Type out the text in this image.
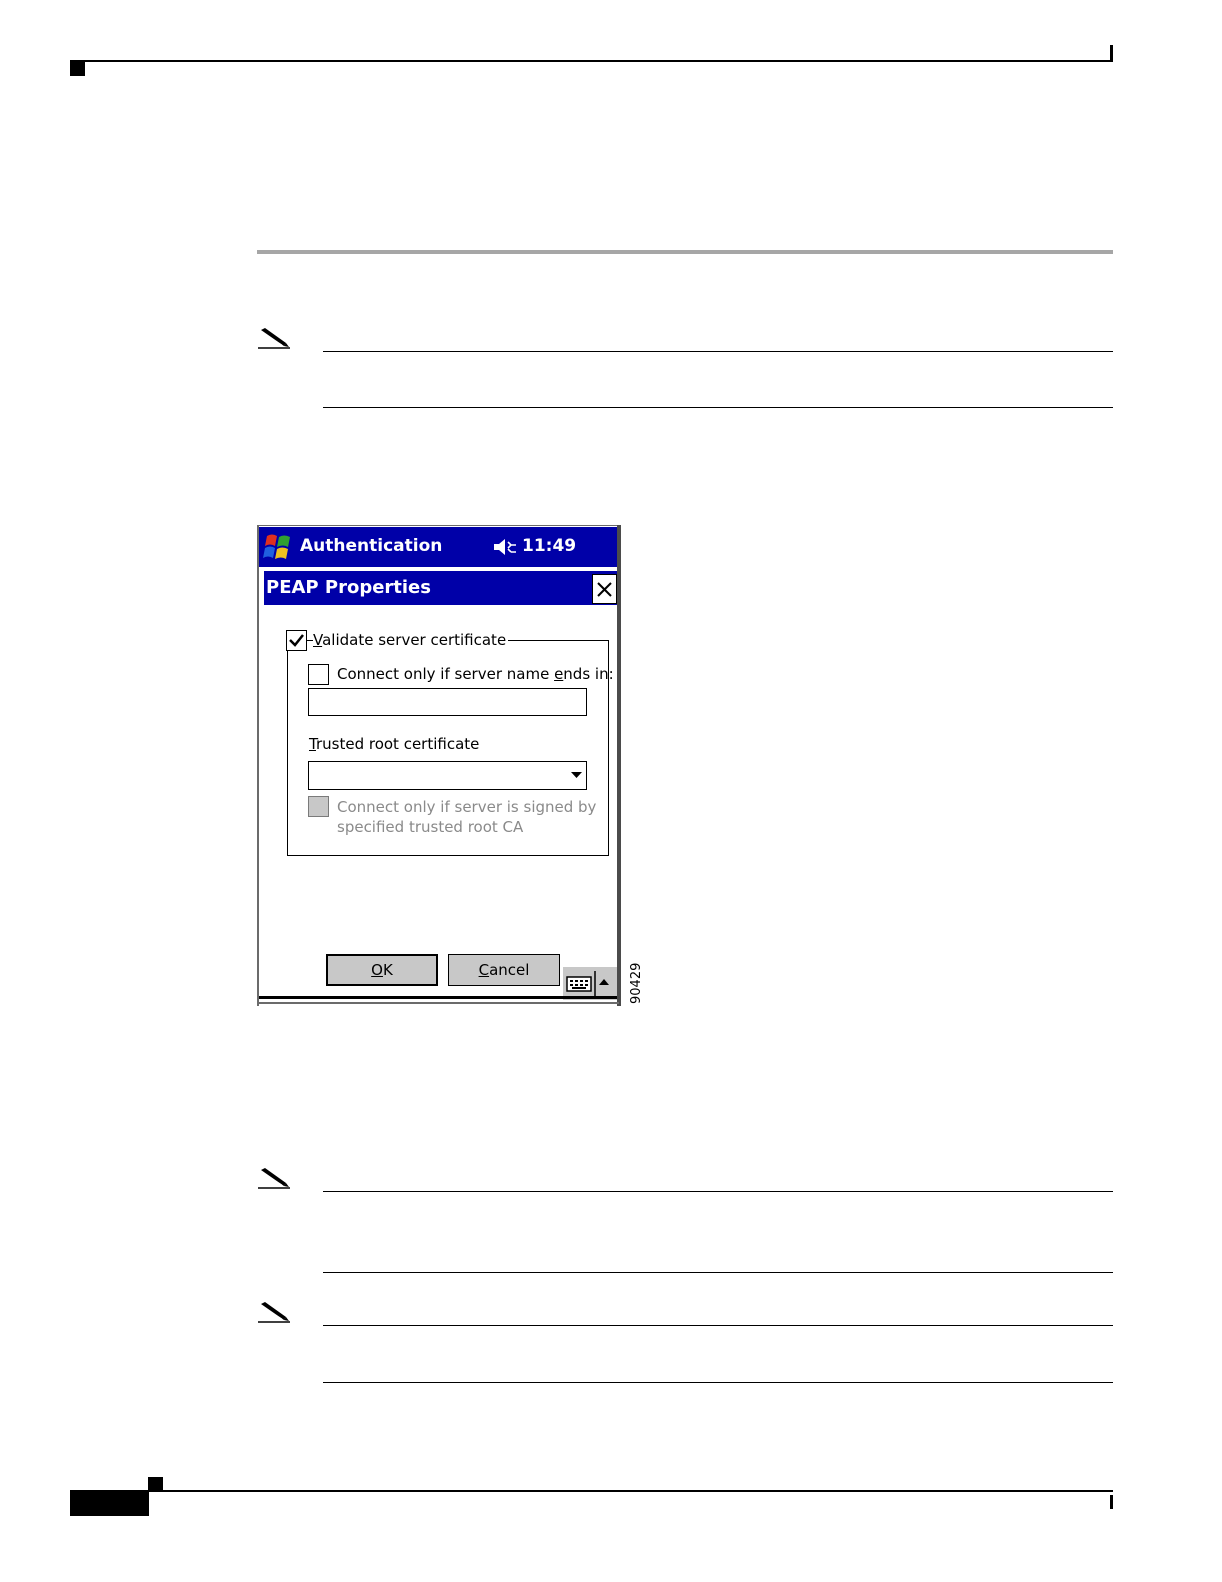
Authentication	11:49
PEAP Properties
Validate server certificate
Connect only if server name ends in:
Trusted root certificate
Connect only if server is signed by
specified trusted root CA
O K	C ancel	90429
